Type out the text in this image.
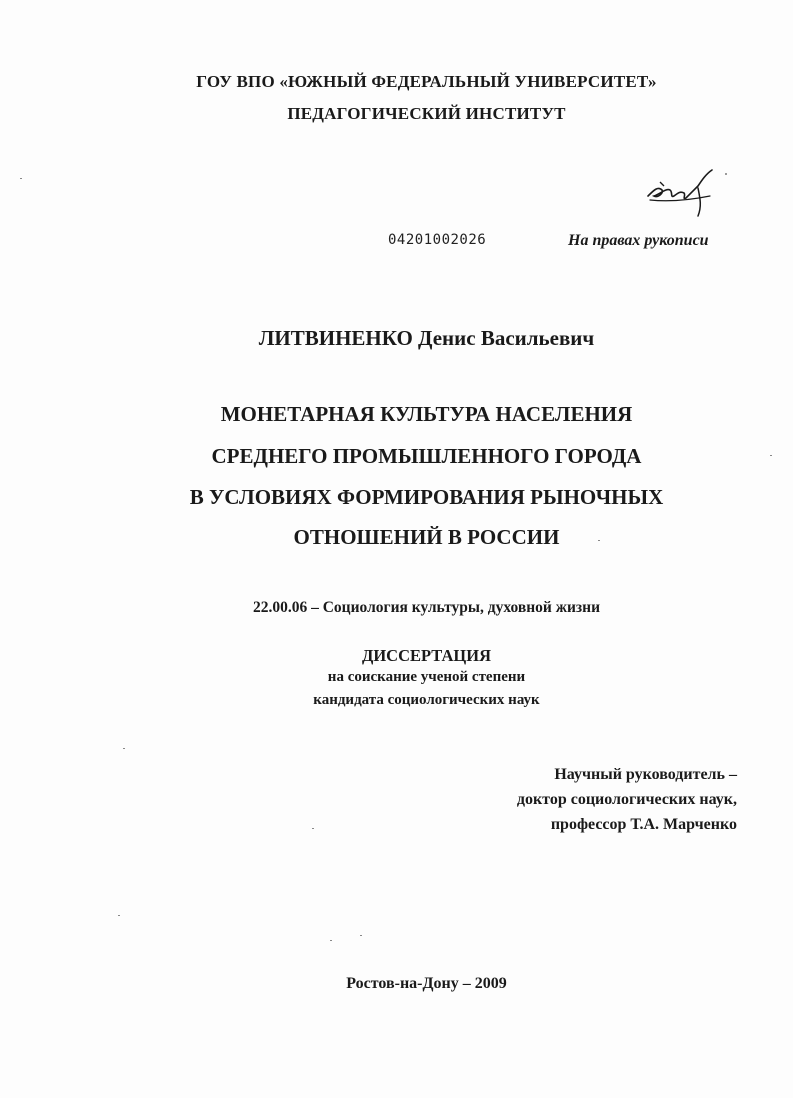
ГОУ ВПО «ЮЖНЫЙ ФЕДЕРАЛЬНЫЙ УНИВЕРСИТЕТ»
ПЕДАГОГИЧЕСКИЙ ИНСТИТУТ
04201002026	На правах рукописи
ЛИТВИНЕНКО Денис Васильевич
МОНЕТАРНАЯ КУЛЬТУРА НАСЕЛЕНИЯ
СРЕДНЕГО ПРОМЫШЛЕННОГО ГОРОДА
В УСЛОВИЯХ ФОРМИРОВАНИЯ РЫНОЧНЫХ
ОТНОШЕНИЙ В РОССИИ
22.00.06 – Социология культуры, духовной жизни
ДИССЕРТАЦИЯ
на соискание ученой степени
кандидата социологических наук
Научный руководитель –
доктор социологических наук,
профессор Т.А. Марченко
Ростов-на-Дону – 2009
